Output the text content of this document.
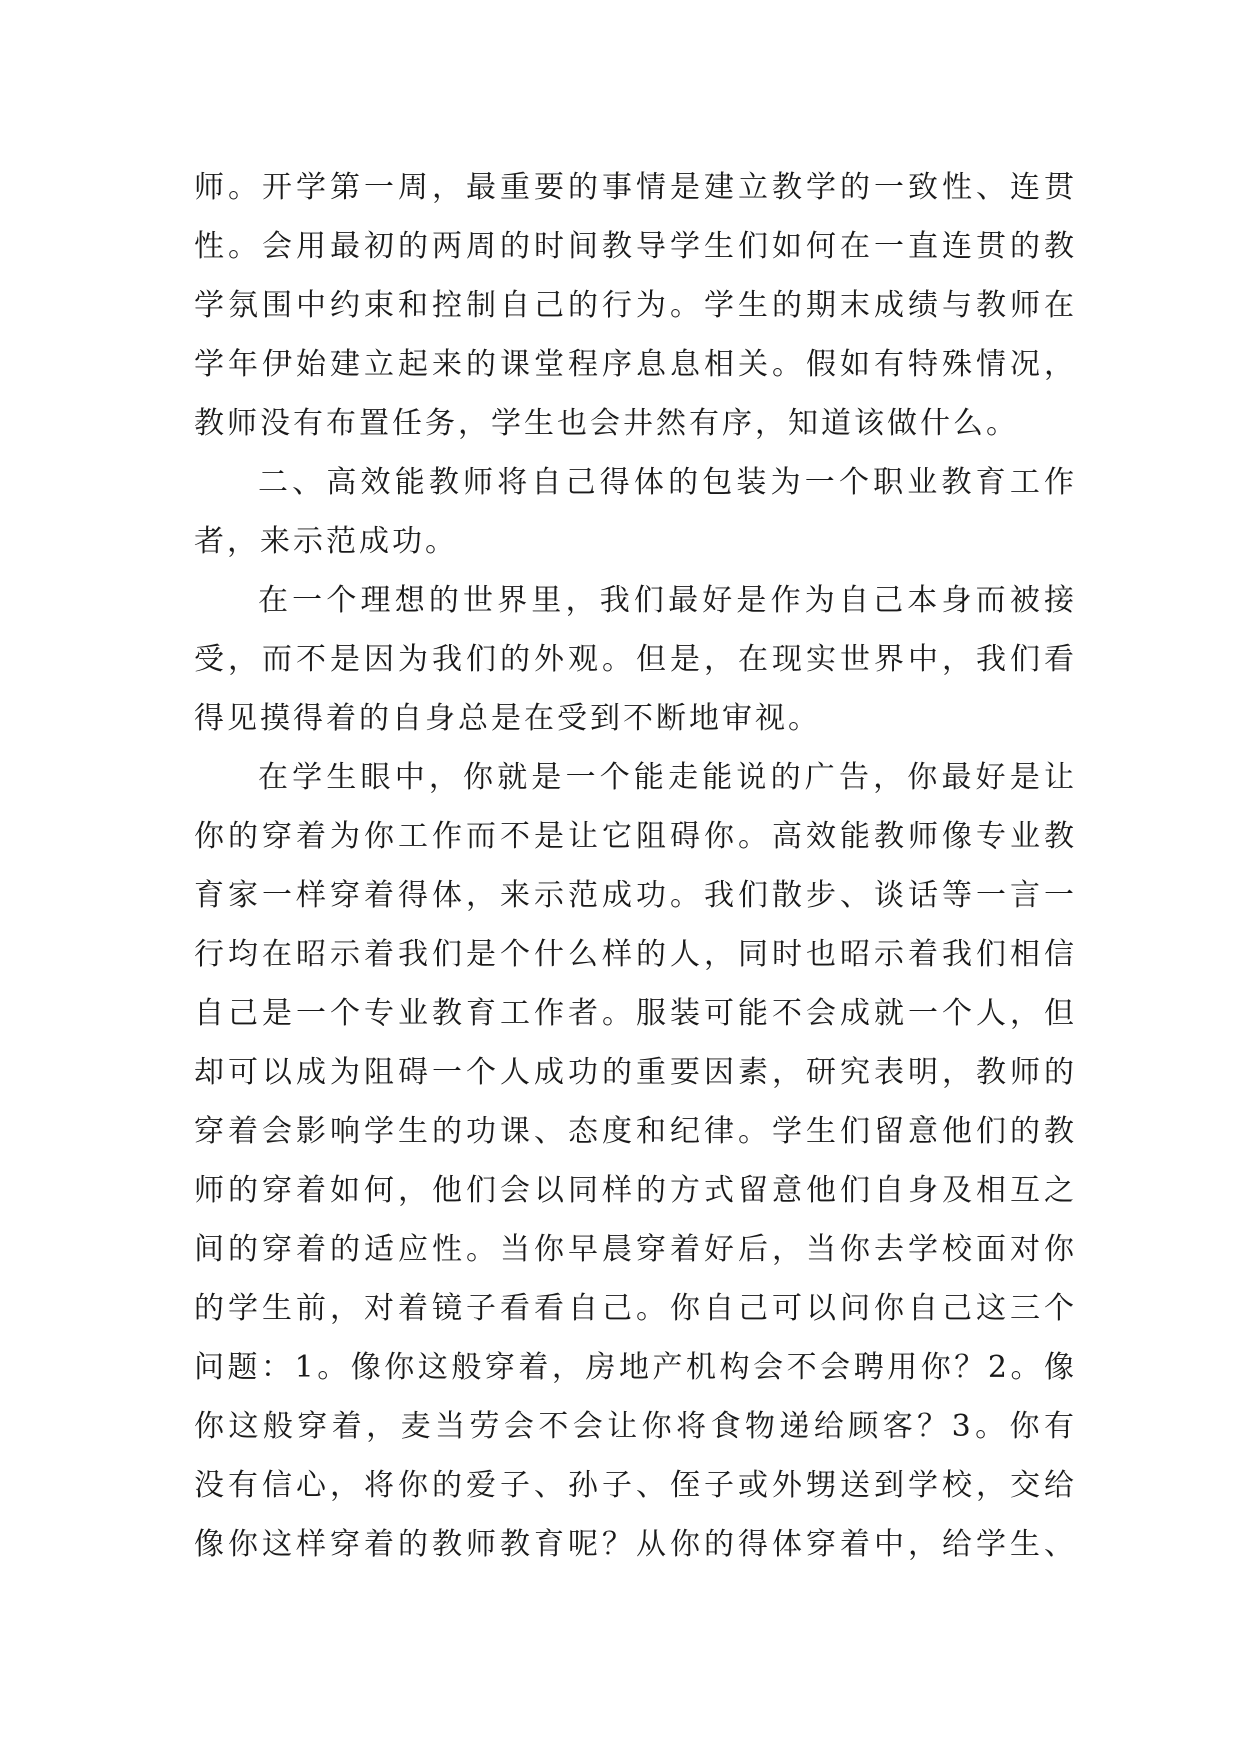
师。开学第一周，最重要的事情是建立教学的一致性、连贯
性。会用最初的两周的时间教导学生们如何在一直连贯的教
学氛围中约束和控制自己的行为。学生的期末成绩与教师在
学年伊始建立起来的课堂程序息息相关。假如有特殊情况，
教师没有布置任务，学生也会井然有序，知道该做什么。
二、高效能教师将自己得体的包装为一个职业教育工作
者，来示范成功。
在一个理想的世界里，我们最好是作为自己本身而被接
受，而不是因为我们的外观。但是，在现实世界中，我们看
得见摸得着的自身总是在受到不断地审视。
在学生眼中，你就是一个能走能说的广告，你最好是让
你的穿着为你工作而不是让它阻碍你。高效能教师像专业教
育家一样穿着得体，来示范成功。我们散步、谈话等一言一
行均在昭示着我们是个什么样的人，同时也昭示着我们相信
自己是一个专业教育工作者。服装可能不会成就一个人，但
却可以成为阻碍一个人成功的重要因素，研究表明，教师的
穿着会影响学生的功课、态度和纪律。学生们留意他们的教
师的穿着如何，他们会以同样的方式留意他们自身及相互之
间的穿着的适应性。当你早晨穿着好后，当你去学校面对你
的学生前，对着镜子看看自己。你自己可以问你自己这三个
问题：1。像你这般穿着，房地产机构会不会聘用你？2。像
你这般穿着，麦当劳会不会让你将食物递给顾客？3。你有
没有信心，将你的爱子、孙子、侄子或外甥送到学校，交给
像你这样穿着的教师教育呢？从你的得体穿着中，给学生、
